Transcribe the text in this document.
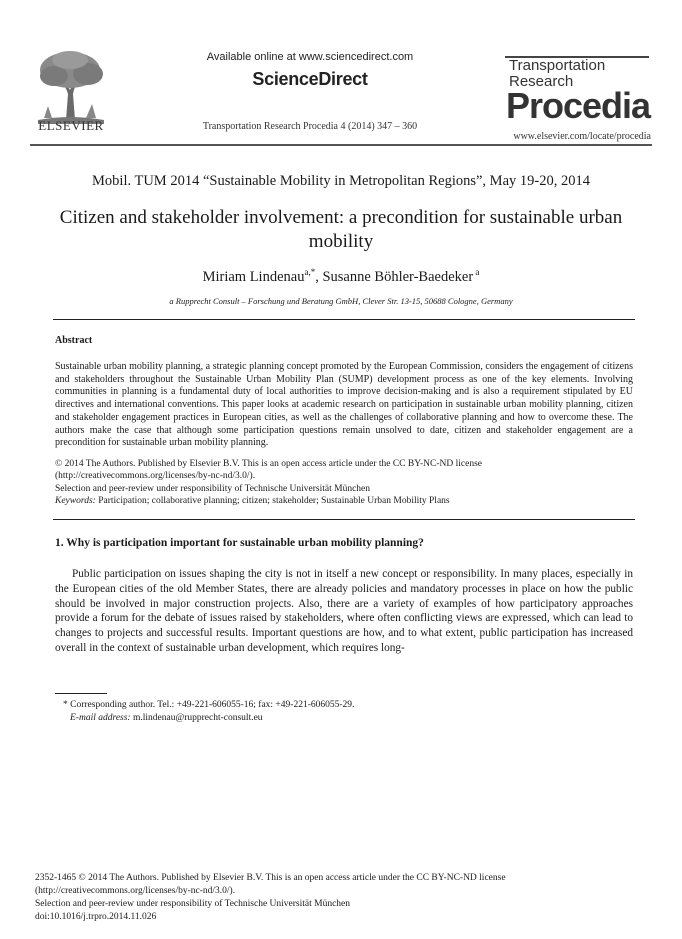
ELSEVIER
Available online at www.sciencedirect.com
ScienceDirect
Transportation Research Procedia 4 (2014) 347 – 360
Transportation
Research
Procedia
www.elsevier.com/locate/procedia
Mobil. TUM 2014 “Sustainable Mobility in Metropolitan Regions”, May 19-20, 2014
Citizen and stakeholder involvement: a precondition for sustainable urban mobility
Miriam Lindenau$^{a,*}$, Susanne Böhler-Baedeker $^a$
a Rupprecht Consult – Forschung und Beratung GmbH, Clever Str. 13-15, 50688 Cologne, Germany
Abstract
Sustainable urban mobility planning, a strategic planning concept promoted by the European Commission, considers the engagement of citizens and stakeholders throughout the Sustainable Urban Mobility Plan (SUMP) development process as one of the key elements. Involving communities in planning is a fundamental duty of local authorities to improve decision-making and is also a requirement stipulated by EU directives and international conventions. This paper looks at academic research on participation in sustainable urban mobility planning, citizen and stakeholder engagement practices in European cities, as well as the challenges of collaborative planning and how to overcome these. The authors make the case that although some participation questions remain unsolved to date, citizen and stakeholder engagement are a precondition for sustainable urban mobility planning.
© 2014 The Authors. Published by Elsevier B.V. This is an open access article under the CC BY-NC-ND license
(http://creativecommons.org/licenses/by-nc-nd/3.0/).
Selection and peer-review under responsibility of Technische Universität München
Keywords: Participation; collaborative planning; citizen; stakeholder; Sustainable Urban Mobility Plans
1. Why is participation important for sustainable urban mobility planning?
Public participation on issues shaping the city is not in itself a new concept or responsibility. In many places, especially in the European cities of the old Member States, there are already policies and mandatory processes in place on how the public should be involved in major construction projects. Also, there are a variety of examples of how participatory approaches provide a forum for the debate of issues raised by stakeholders, where often conflicting views are expressed, which can lead to changes to projects and successful results. Important questions are how, and to what extent, public participation has increased overall in the context of sustainable urban development, which requires long-
* Corresponding author. Tel.: +49-221-606055-16; fax: +49-221-606055-29.
E-mail address: m.lindenau@rupprecht-consult.eu
2352-1465 © 2014 The Authors. Published by Elsevier B.V. This is an open access article under the CC BY-NC-ND license
(http://creativecommons.org/licenses/by-nc-nd/3.0/).
Selection and peer-review under responsibility of Technische Universität München
doi:10.1016/j.trpro.2014.11.026
